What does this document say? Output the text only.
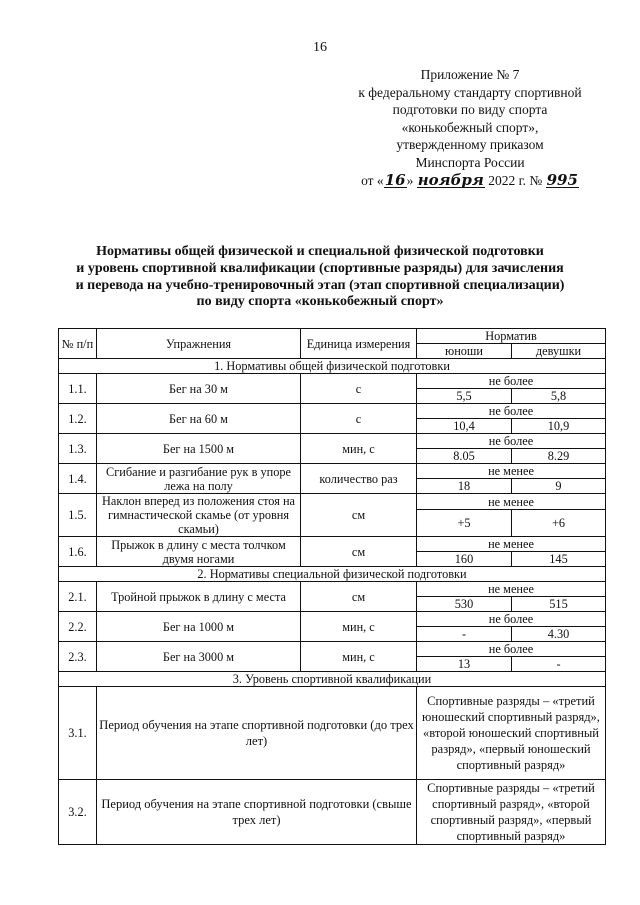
16
Приложение № 7
к федеральному стандарту спортивной
подготовки по виду спорта
«конькобежный спорт»,
утвержденному приказом
Минспорта России
от «16» ноября 2022 г. № 995
Нормативы общей физической и специальной физической подготовки
и уровень спортивной квалификации (спортивные разряды) для зачисления
и перевода на учебно-тренировочный этап (этап спортивной специализации)
по виду спорта «конькобежный спорт»
№ п/п	Упражнения	Единица измерения	Норматив	
			юноши	девушки
1. Нормативы общей физической подготовки				
1.1.	Бег на 30 м	с	не более	
			5,5	5,8
1.2.	Бег на 60 м	с	не более	
			10,4	10,9
1.3.	Бег на 1500 м	мин, с	не более	
			8.05	8.29
1.4.	Сгибание и разгибание рук в упоре лежа на полу	количество раз	не менее	
			18	9
1.5.	Наклон вперед из положения стоя на гимнастической скамье (от уровня скамьи)	см	не менее	
			+5	+6
1.6.	Прыжок в длину с места толчком двумя ногами	см	не менее	
			160	145
2. Нормативы специальной физической подготовки				
2.1.	Тройной прыжок в длину с места	см	не менее	
			530	515
2.2.	Бег на 1000 м	мин, с	не более	
			-	4.30
2.3.	Бег на 3000 м	мин, с	не более	
			13	-
3. Уровень спортивной квалификации				
3.1.	Период обучения на этапе спортивной подготовки (до трех лет)		Спортивные разряды – «третий юношеский спортивный разряд», «второй юношеский спортивный разряд», «первый юношеский спортивный разряд»	
3.2.	Период обучения на этапе спортивной подготовки (свыше трех лет)		Спортивные разряды – «третий спортивный разряд», «второй спортивный разряд», «первый спортивный разряд»	
